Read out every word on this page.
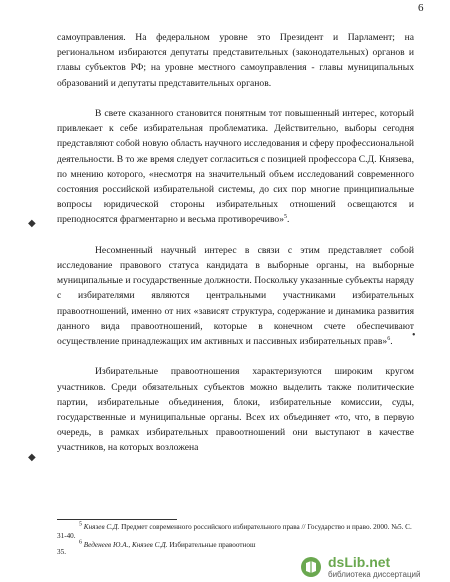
6
◆
•
◆

самоуправления. На федеральном уровне это Президент и Парламент; на региональном избираются депутаты представительных (законодательных) органов и главы субъектов РФ; на уровне местного самоуправления - главы муниципальных образований и депутаты представительных органов.

В свете сказанного становится понятным тот повышенный интерес, который привлекает к себе избирательная проблематика. Действительно, выборы сегодня представляют собой новую область научного исследования и сферу профессиональной деятельности. В то же время следует согласиться с позицией профессора С.Д. Князева, по мнению которого, «несмотря на значительный объем исследований современного состояния российской избирательной системы, до сих пор многие принципиальные вопросы юридической стороны избирательных отношений освещаются и преподносятся фрагментарно и весьма противоречиво»$^5$.

Несомненный научный интерес в связи с этим представляет собой исследование правового статуса кандидата в выборные органы, на выборные муниципальные и государственные должности. Поскольку указанные субъекты наряду с избирателями являются центральными участниками избирательных правоотношений, именно от них «зависят структура, содержание и динамика развития данного вида правоотношений, которые в конечном счете обеспечивают осуществление принадлежащих им активных и пассивных избирательных прав»$^6$.

Избирательные правоотношения характеризуются широким кругом участников. Среди обязательных субъектов можно выделить также политические партии, избирательные объединения, блоки, избирательные комиссии, суды, государственные и муниципальные органы. Всех их объединяет «то, что, в первую очередь, в рамках избирательных правоотношений они выступают в качестве участников, на которых возложена

$^5$ Князев С.Д. Предмет современного российского избирательного права // Государство и право. 2000. №5. С. 31-40.

$^6$ Веденеев Ю.А., Князев С.Д. Избирательные правоотнош

35.
dsLib.net
библиотека диссертаций
